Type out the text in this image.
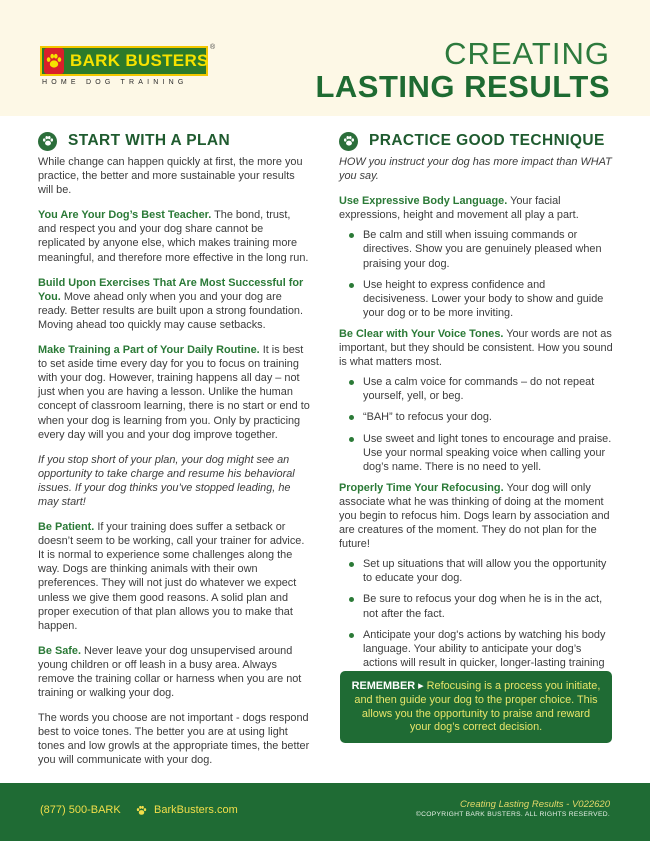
BARK BUSTERS
®
HOME DOG TRAINING
CREATING
LASTING RESULTS
START WITH A PLAN

While change can happen quickly at first, the more you practice, the better and more sustainable your results will be.

You Are Your Dog’s Best Teacher. The bond, trust, and respect you and your dog share cannot be replicated by anyone else, which makes training more meaningful, and therefore more effective in the long run.

Build Upon Exercises That Are Most Successful for You. Move ahead only when you and your dog are ready. Better results are built upon a strong foundation. Moving ahead too quickly may cause setbacks.

Make Training a Part of Your Daily Routine. It is best to set aside time every day for you to focus on training with your dog. However, training happens all day – not just when you are having a lesson. Unlike the human concept of classroom learning, there is no start or end to when your dog is learning from you. Only by practicing every day will you and your dog improve together.

If you stop short of your plan, your dog might see an opportunity to take charge and resume his behavioral issues. If your dog thinks you’ve stopped leading, he may start!

Be Patient. If your training does suffer a setback or doesn’t seem to be working, call your trainer for advice. It is normal to experience some challenges along the way. Dogs are thinking animals with their own preferences. They will not just do whatever we expect unless we give them good reasons. A solid plan and proper execution of that plan allows you to make that happen.

Be Safe. Never leave your dog unsupervised around young children or off leash in a busy area. Always remove the training collar or harness when you are not training or walking your dog.

The words you choose are not important - dogs respond best to voice tones. The better you are at using light tones and low growls at the appropriate times, the better you will communicate with your dog.

PRACTICE GOOD TECHNIQUE

HOW you instruct your dog has more impact than WHAT you say.

Use Expressive Body Language. Your facial expressions, height and movement all play a part.

Be calm and still when issuing commands or directives. Show you are genuinely pleased when praising your dog.
Use height to express confidence and decisiveness. Lower your body to show and guide your dog or to be more inviting.

Be Clear with Your Voice Tones. Your words are not as important, but they should be consistent. How you sound is what matters most.

Use a calm voice for commands – do not repeat yourself, yell, or beg.
“BAH” to refocus your dog.
Use sweet and light tones to encourage and praise. Use your normal speaking voice when calling your dog’s name. There is no need to yell.

Properly Time Your Refocusing. Your dog will only associate what he was thinking of doing at the moment you begin to refocus him. Dogs learn by association and are creatures of the moment. They do not plan for the future!

Set up situations that will allow you the opportunity to educate your dog.
Be sure to refocus your dog when he is in the act, not after the fact.
Anticipate your dog's actions by watching his body language. Your ability to anticipate your dog’s actions will result in quicker, longer-lasting training
REMEMBER ▸ Refocusing is a process you initiate, and then guide your dog to the proper choice. This allows you the opportunity to praise and reward your dog’s correct decision.
(877) 500-BARK	BarkBusters.com	Creating Lasting Results - V022620
©COPYRIGHT BARK BUSTERS. ALL RIGHTS RESERVED.
